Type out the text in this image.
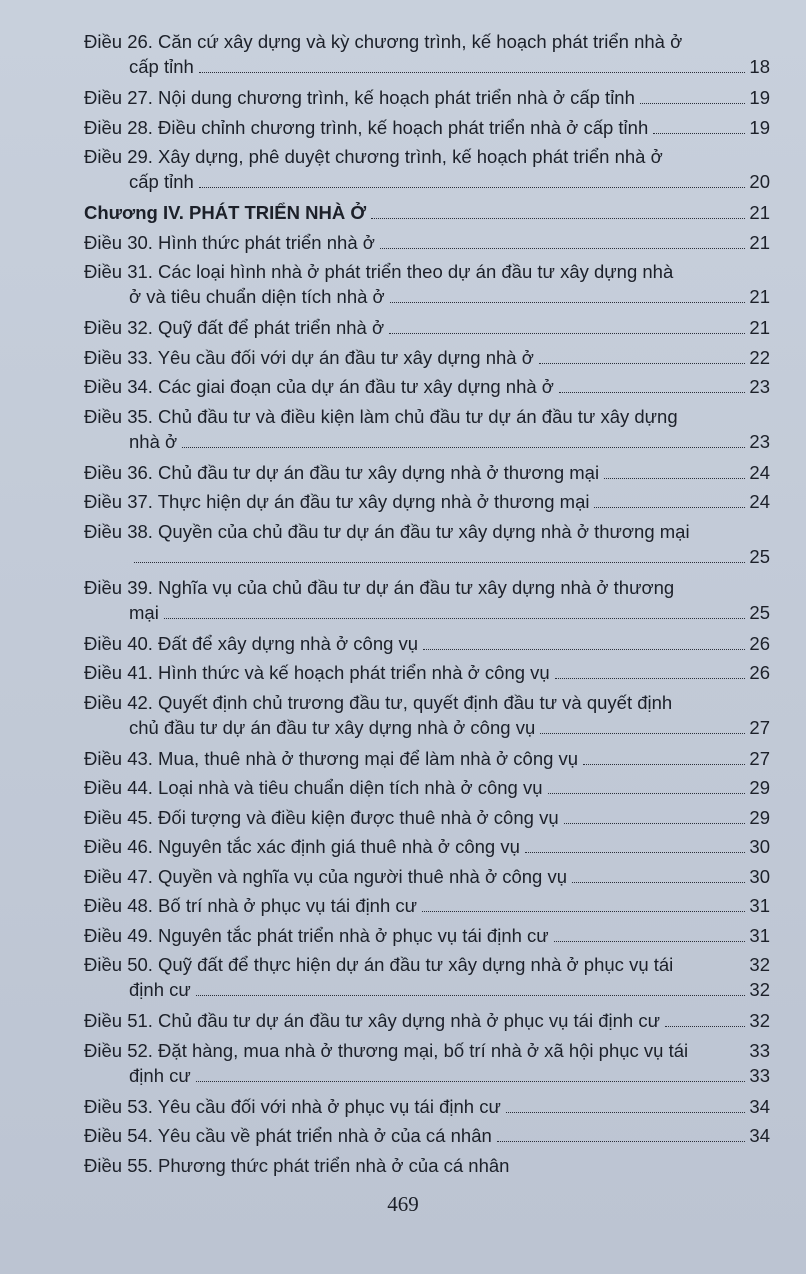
Điều 26. Căn cứ xây dựng và kỳ chương trình, kế hoạch phát triển nhà ở
cấp tỉnh	18
Điều 27. Nội dung chương trình, kế hoạch phát triển nhà ở cấp tỉnh	19
Điều 28. Điều chỉnh chương trình, kế hoạch phát triển nhà ở cấp tỉnh	19
Điều 29. Xây dựng, phê duyệt chương trình, kế hoạch phát triển nhà ở
cấp tỉnh	20
Chương IV. PHÁT TRIỂN NHÀ Ở	21
Điều 30. Hình thức phát triển nhà ở	21
Điều 31. Các loại hình nhà ở phát triển theo dự án đầu tư xây dựng nhà
ở và tiêu chuẩn diện tích nhà ở	21
Điều 32. Quỹ đất để phát triển nhà ở	21
Điều 33. Yêu cầu đối với dự án đầu tư xây dựng nhà ở	22
Điều 34. Các giai đoạn của dự án đầu tư xây dựng nhà ở	23
Điều 35. Chủ đầu tư và điều kiện làm chủ đầu tư dự án đầu tư xây dựng
nhà ở	23
Điều 36. Chủ đầu tư dự án đầu tư xây dựng nhà ở thương mại	24
Điều 37. Thực hiện dự án đầu tư xây dựng nhà ở thương mại	24
Điều 38. Quyền của chủ đầu tư dự án đầu tư xây dựng nhà ở thương mại
25
Điều 39. Nghĩa vụ của chủ đầu tư dự án đầu tư xây dựng nhà ở thương
mại	25
Điều 40. Đất để xây dựng nhà ở công vụ	26
Điều 41. Hình thức và kế hoạch phát triển nhà ở công vụ	26
Điều 42. Quyết định chủ trương đầu tư, quyết định đầu tư và quyết định
chủ đầu tư dự án đầu tư xây dựng nhà ở công vụ	27
Điều 43. Mua, thuê nhà ở thương mại để làm nhà ở công vụ	27
Điều 44. Loại nhà và tiêu chuẩn diện tích nhà ở công vụ	29
Điều 45. Đối tượng và điều kiện được thuê nhà ở công vụ	29
Điều 46. Nguyên tắc xác định giá thuê nhà ở công vụ	30
Điều 47. Quyền và nghĩa vụ của người thuê nhà ở công vụ	30
Điều 48. Bố trí nhà ở phục vụ tái định cư	31
Điều 49. Nguyên tắc phát triển nhà ở phục vụ tái định cư	31
Điều 50. Quỹ đất để thực hiện dự án đầu tư xây dựng nhà ở phục vụ tái	32
định cư	32
Điều 51. Chủ đầu tư dự án đầu tư xây dựng nhà ở phục vụ tái định cư	32
Điều 52. Đặt hàng, mua nhà ở thương mại, bố trí nhà ở xã hội phục vụ tái	33
định cư	33
Điều 53. Yêu cầu đối với nhà ở phục vụ tái định cư	34
Điều 54. Yêu cầu về phát triển nhà ở của cá nhân	34
Điều 55. Phương thức phát triển nhà ở của cá nhân
469
